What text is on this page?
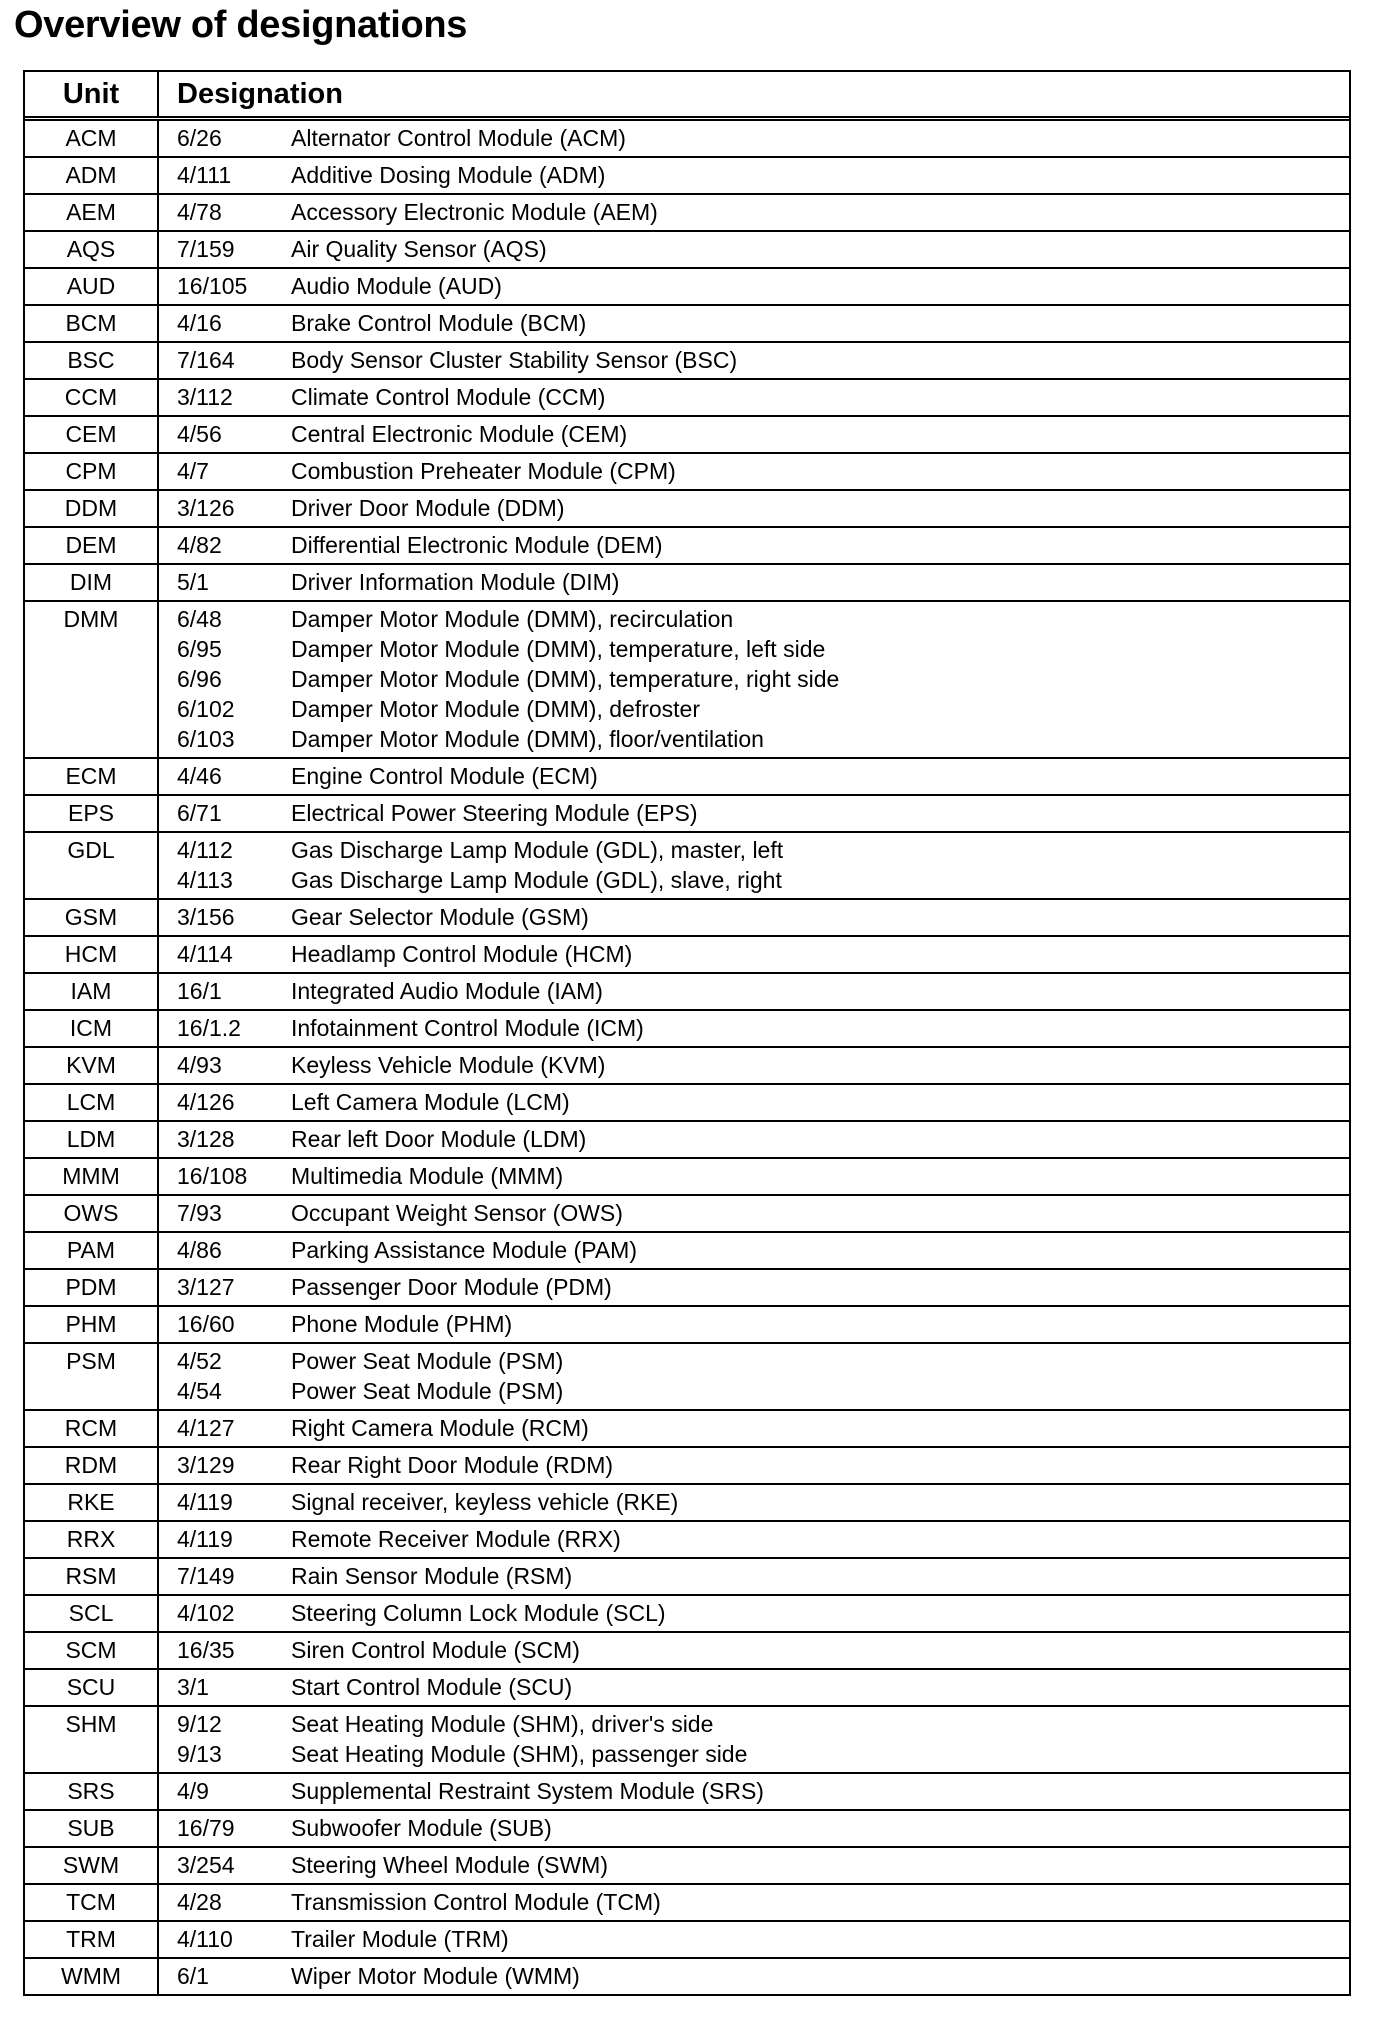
Overview of designations
Unit	Designation
ACM	6/26	Alternator Control Module (ACM)
ADM	4/111	Additive Dosing Module (ADM)
AEM	4/78	Accessory Electronic Module (AEM)
AQS	7/159	Air Quality Sensor (AQS)
AUD	16/105	Audio Module (AUD)
BCM	4/16	Brake Control Module (BCM)
BSC	7/164	Body Sensor Cluster Stability Sensor (BSC)
CCM	3/112	Climate Control Module (CCM)
CEM	4/56	Central Electronic Module (CEM)
CPM	4/7	Combustion Preheater Module (CPM)
DDM	3/126	Driver Door Module (DDM)
DEM	4/82	Differential Electronic Module (DEM)
DIM	5/1	Driver Information Module (DIM)
DMM	6/48	Damper Motor Module (DMM), recirculation
6/95	Damper Motor Module (DMM), temperature, left side
6/96	Damper Motor Module (DMM), temperature, right side
6/102	Damper Motor Module (DMM), defroster
6/103	Damper Motor Module (DMM), floor/ventilation
ECM	4/46	Engine Control Module (ECM)
EPS	6/71	Electrical Power Steering Module (EPS)
GDL	4/112	Gas Discharge Lamp Module (GDL), master, left
4/113	Gas Discharge Lamp Module (GDL), slave, right
GSM	3/156	Gear Selector Module (GSM)
HCM	4/114	Headlamp Control Module (HCM)
IAM	16/1	Integrated Audio Module (IAM)
ICM	16/1.2	Infotainment Control Module (ICM)
KVM	4/93	Keyless Vehicle Module (KVM)
LCM	4/126	Left Camera Module (LCM)
LDM	3/128	Rear left Door Module (LDM)
MMM	16/108	Multimedia Module (MMM)
OWS	7/93	Occupant Weight Sensor (OWS)
PAM	4/86	Parking Assistance Module (PAM)
PDM	3/127	Passenger Door Module (PDM)
PHM	16/60	Phone Module (PHM)
PSM	4/52	Power Seat Module (PSM)
4/54	Power Seat Module (PSM)
RCM	4/127	Right Camera Module (RCM)
RDM	3/129	Rear Right Door Module (RDM)
RKE	4/119	Signal receiver, keyless vehicle (RKE)
RRX	4/119	Remote Receiver Module (RRX)
RSM	7/149	Rain Sensor Module (RSM)
SCL	4/102	Steering Column Lock Module (SCL)
SCM	16/35	Siren Control Module (SCM)
SCU	3/1	Start Control Module (SCU)
SHM	9/12	Seat Heating Module (SHM), driver's side
9/13	Seat Heating Module (SHM), passenger side
SRS	4/9	Supplemental Restraint System Module (SRS)
SUB	16/79	Subwoofer Module (SUB)
SWM	3/254	Steering Wheel Module (SWM)
TCM	4/28	Transmission Control Module (TCM)
TRM	4/110	Trailer Module (TRM)
WMM	6/1	Wiper Motor Module (WMM)
